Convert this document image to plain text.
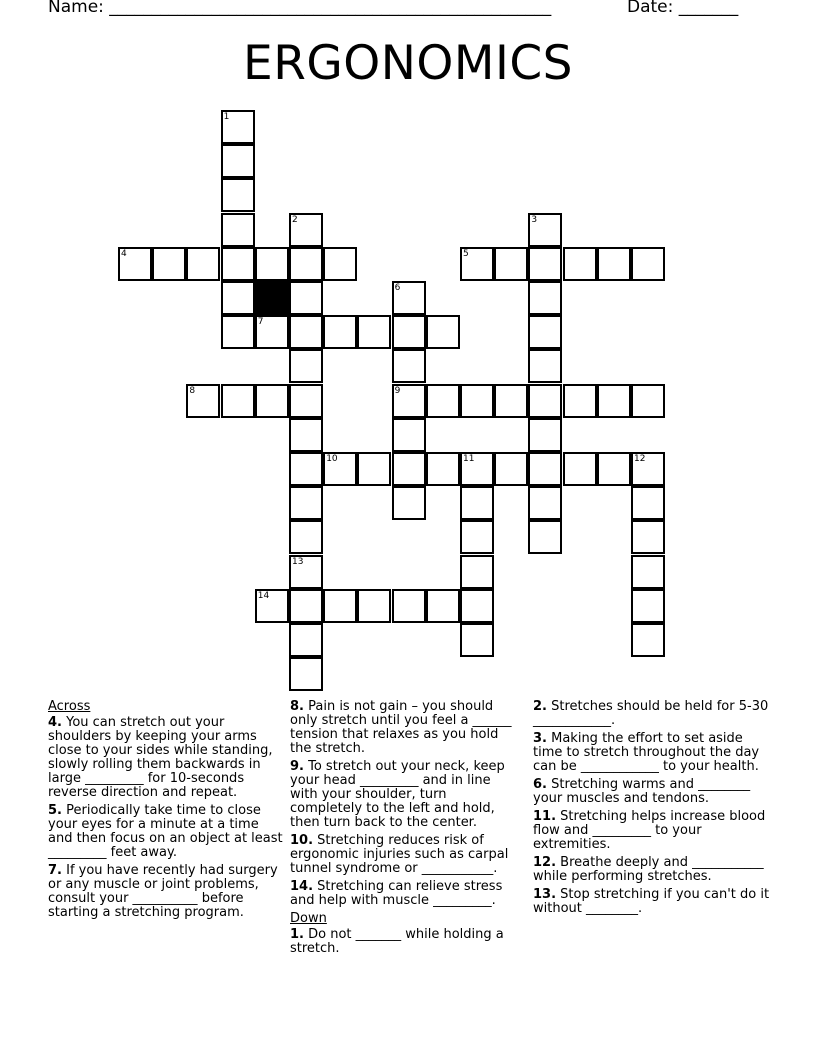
Name: ____________________________________________________	Date: _______
ERGONOMICS
4	5
7
8	9
10	11	12
14
1
2	3
6
13
Across
4. You can stretch out your shoulders by keeping your arms close to your sides while standing, slowly rolling them backwards in large _________ for 10-seconds reverse direction and repeat.
5. Periodically take time to close your eyes for a minute at a time and then focus on an object at least _________ feet away.
7. If you have recently had surgery or any muscle or joint problems, consult your __________ before starting a stretching program.
8. Pain is not gain – you should only stretch until you feel a ______ tension that relaxes as you hold the stretch.
9. To stretch out your neck, keep your head _________ and in line with your shoulder, turn completely to the left and hold, then turn back to the center.
10. Stretching reduces risk of ergonomic injuries such as carpal tunnel syndrome or ___________.
14. Stretching can relieve stress and help with muscle _________.
Down
1. Do not _______ while holding a stretch.
2. Stretches should be held for 5-30 ____________.
3. Making the effort to set aside time to stretch throughout the day can be ____________ to your health.
6. Stretching warms and ________ your muscles and tendons.
11. Stretching helps increase blood flow and _________ to your extremities.
12. Breathe deeply and ___________ while performing stretches.
13. Stop stretching if you can't do it without ________.
